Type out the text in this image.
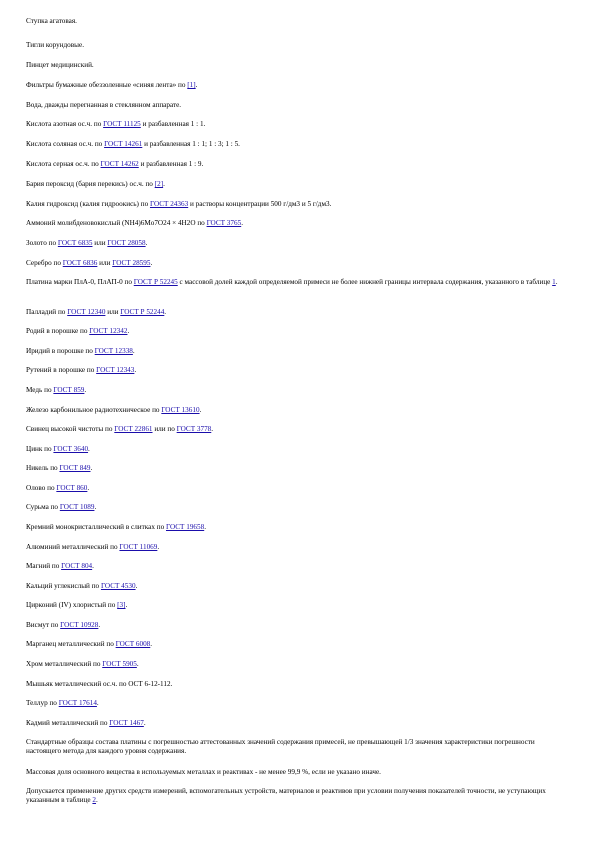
Ступка агатовая.
Тигли корундовые.
Пинцет медицинский.
Фильтры бумажные обеззоленные «синяя лента» по [1].
Вода, дважды перегнанная в стеклянном аппарате.
Кислота азотная ос.ч. по ГОСТ 11125 и разбавленная 1 : 1.
Кислота соляная ос.ч. по ГОСТ 14261 и разбавленная 1 : 1; 1 : 3; 1 : 5.
Кислота серная ос.ч. по ГОСТ 14262 и разбавленная 1 : 9.
Бария пероксид (бария перекись) ос.ч. по [2].
Калия гидроксид (калия гидроокись) по ГОСТ 24363 и растворы концентрации 500 г/дм3 и 5 г/дм3.
Аммоний молибденовокислый (NH4)6Mo7O24 × 4H2O по ГОСТ 3765.
Золото по ГОСТ 6835 или ГОСТ 28058.
Серебро по ГОСТ 6836 или ГОСТ 28595.
Платина марки ПлА-0, ПлАП-0 по ГОСТ Р 52245 с массовой долей каждой определяемой примеси не более нижней границы интервала содержания, указанного в таблице 1.
Палладий по ГОСТ 12340 или ГОСТ Р 52244.
Родий в порошке по ГОСТ 12342.
Иридий в порошке по ГОСТ 12338.
Рутений в порошке по ГОСТ 12343.
Медь по ГОСТ 859.
Железо карбонильное радиотехническое по ГОСТ 13610.
Свинец высокой чистоты по ГОСТ 22861 или по ГОСТ 3778.
Цинк по ГОСТ 3640.
Никель по ГОСТ 849.
Олово по ГОСТ 860.
Сурьма по ГОСТ 1089.
Кремний монокристаллический в слитках по ГОСТ 19658.
Алюминий металлический по ГОСТ 11069.
Магний по ГОСТ 804.
Кальций углекислый по ГОСТ 4530.
Цирконий (IV) хлористый по [3].
Висмут по ГОСТ 10928.
Марганец металлический по ГОСТ 6008.
Хром металлический по ГОСТ 5905.
Мышьяк металлический ос.ч. по ОСТ 6-12-112.
Теллур по ГОСТ 17614.
Кадмий металлический по ГОСТ 1467.
Стандартные образцы состава платины с погрешностью аттестованных значений содержания примесей, не превышающей 1/3 значения характеристики погрешности настоящего метода для каждого уровня содержания.
Массовая доля основного вещества в используемых металлах и реактивах - не менее 99,9 %, если не указано иначе.
Допускается применение других средств измерений, вспомогательных устройств, материалов и реактивов при условии получения показателей точности, не уступающих указанным в таблице 2.
